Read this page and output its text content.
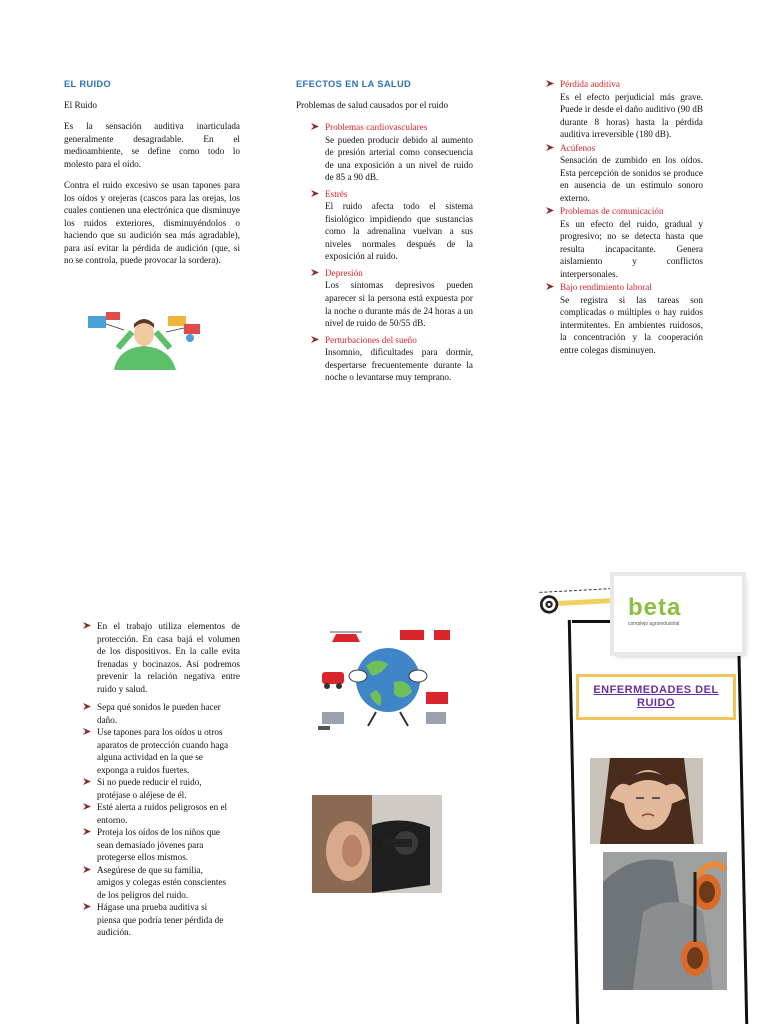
EL RUIDO
El Ruido

Es la sensación auditiva inarticulada generalmente desagradable. En el medioambiente, se define como todo lo molesto para el oído.

Contra el ruido excesivo se usan tapones para los oídos y orejeras (cascos para las orejas, los cuales contienen una electrónica que disminuye los ruidos exteriores, disminuyéndolos o haciendo que su audición sea más agradable), para así evitar la pérdida de audición (que, si no se controla, puede provocar la sordera).

EFECTOS EN LA SALUD
Problemas de salud causados por el ruido
Problemas cardiovasculares
Se pueden producir debido al aumento de presión arterial como consecuencia de una exposición a un nivel de ruido de 85 a 90 dB.
Estrés
El ruido afecta todo el sistema fisiológico impidiendo que sustancias como la adrenalina vuelvan a sus niveles normales después de la exposición al ruido.
Depresión
Los síntomas depresivos pueden aparecer si la persona está expuesta por la noche o durante más de 24 horas a un nivel de ruido de 50/55 dB.
Perturbaciones del sueño
Insomnio, dificultades para dormir, despertarse frecuentemente durante la noche o levantarse muy temprano.
Pérdida auditiva
Es el efecto perjudicial más grave. Puede ir desde el daño auditivo (90 dB durante 8 horas) hasta la pérdida auditiva irreversible (180 dB).
Acúfenos
Sensación de zumbido en los oídos. Esta percepción de sonidos se produce en ausencia de un estímulo sonoro externo.
Problemas de comunicación
Es un efecto del ruido, gradual y progresivo; no se detecta hasta que resulta incapacitante. Genera aislamiento y conflictos interpersonales.
Bajo rendimiento laboral
Se registra si las tareas son complicadas o múltiples o hay ruidos intermitentes. En ambientes ruidosos, la concentración y la cooperación entre colegas disminuyen.
En el trabajo utiliza elementos de protección. En casa bajá el volumen de los dispositivos. En la calle evita frenadas y bocinazos. Así podremos prevenir la relación negativa entre ruido y salud.
Sepa qué sonidos le pueden hacer daño.
Use tapones para los oídos u otros aparatos de protección cuando haga alguna actividad en la que se exponga a ruidos fuertes.
Si no puede reducir el ruido, protéjase o aléjese de él.
Esté alerta a ruidos peligrosos en el entorno.
Proteja los oídos de los niños que sean demasiado jóvenes para protegerse ellos mismos.
Asegúrese de que su familia, amigos y colegas estén conscientes de los peligros del ruido.
Hágase una prueba auditiva si piensa que podría tener pérdida de audición.
beta
complejo agroindustrial
ENFERMEDADES DEL RUIDO
